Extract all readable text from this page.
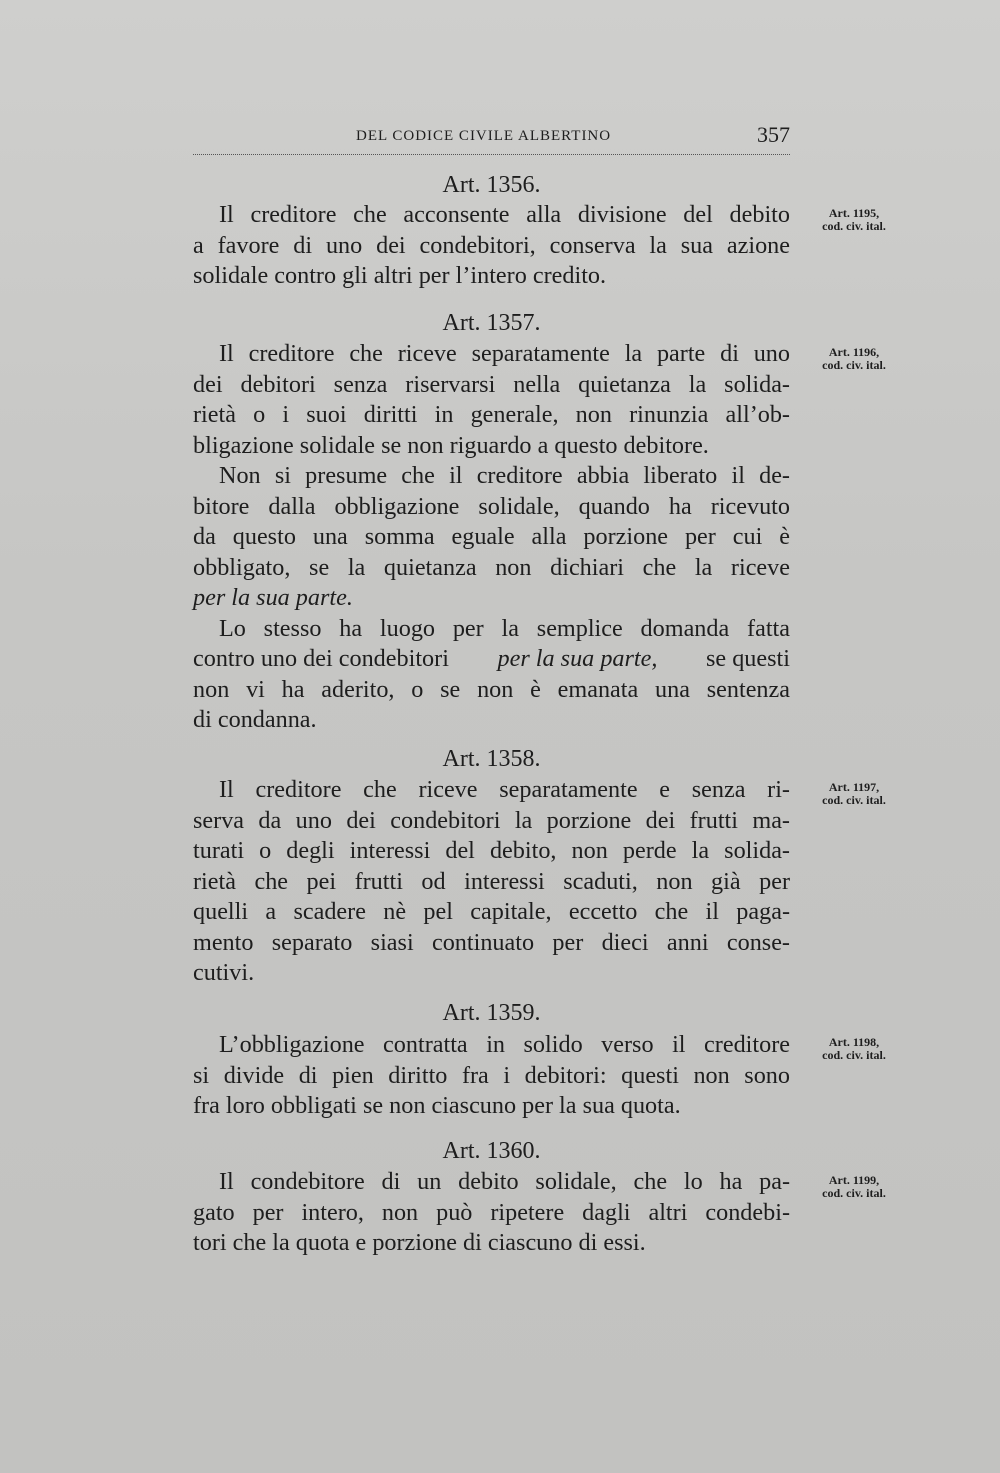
DEL CODICE CIVILE ALBERTINO	357
Art. 1356.
Art. 1195,
cod. civ. ital.
Il creditore che acconsente alla divisione del debito
a favore di uno dei condebitori, conserva la sua azione
solidale contro gli altri per l’intero credito.
Art. 1357.
Art. 1196,
cod. civ. ital.
Il creditore che riceve separatamente la parte di uno
dei debitori senza riservarsi nella quietanza la solida-
rietà o i suoi diritti in generale, non rinunzia all’ob-
bligazione solidale se non riguardo a questo debitore.
Non si presume che il creditore abbia liberato il de-
bitore dalla obbligazione solidale, quando ha ricevuto
da questo una somma eguale alla porzione per cui è
obbligato, se la quietanza non dichiari che la riceve
per la sua parte.
Lo stesso ha luogo per la semplice domanda fatta
contro uno dei condebitori per la sua parte, se questi
non vi ha aderito, o se non è emanata una sentenza
di condanna.
Art. 1358.
Art. 1197,
cod. civ. ital.
Il creditore che riceve separatamente e senza ri-
serva da uno dei condebitori la porzione dei frutti ma-
turati o degli interessi del debito, non perde la solida-
rietà che pei frutti od interessi scaduti, non già per
quelli a scadere nè pel capitale, eccetto che il paga-
mento separato siasi continuato per dieci anni conse-
cutivi.
Art. 1359.
Art. 1198,
cod. civ. ital.
L’obbligazione contratta in solido verso il creditore
si divide di pien diritto fra i debitori: questi non sono
fra loro obbligati se non ciascuno per la sua quota.
Art. 1360.
Art. 1199,
cod. civ. ital.
Il condebitore di un debito solidale, che lo ha pa-
gato per intero, non può ripetere dagli altri condebi-
tori che la quota e porzione di ciascuno di essi.
